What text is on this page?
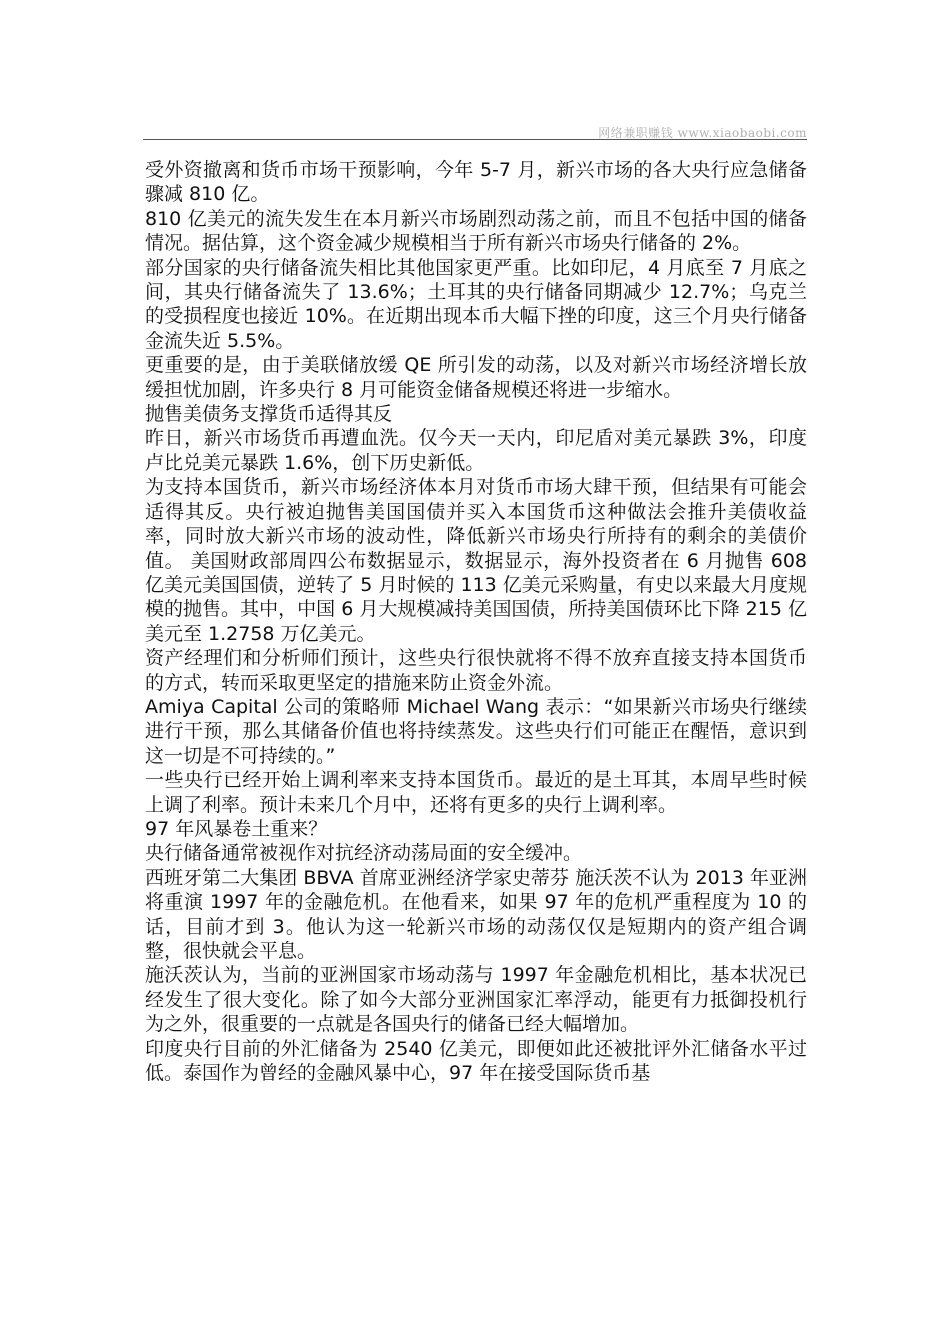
网络兼职赚钱 www.xiaobaobi.com

受外资撤离和货币市场干预影响，今年 5-7 月，新兴市场的各大央行应急储备骤减 810 亿。

810 亿美元的流失发生在本月新兴市场剧烈动荡之前，而且不包括中国的储备情况。据估算，这个资金减少规模相当于所有新兴市场央行储备的 2%。

部分国家的央行储备流失相比其他国家更严重。比如印尼，4 月底至 7 月底之间，其央行储备流失了 13.6%；土耳其的央行储备同期减少 12.7%；乌克兰的受损程度也接近 10%。在近期出现本币大幅下挫的印度，这三个月央行储备金流失近 5.5%。

更重要的是，由于美联储放缓 QE 所引发的动荡，以及对新兴市场经济增长放缓担忧加剧，许多央行 8 月可能资金储备规模还将进一步缩水。

抛售美债务支撑货币适得其反

昨日，新兴市场货币再遭血洗。仅今天一天内，印尼盾对美元暴跌 3%，印度卢比兑美元暴跌 1.6%，创下历史新低。

为支持本国货币，新兴市场经济体本月对货币市场大肆干预，但结果有可能会适得其反。央行被迫抛售美国国债并买入本国货币这种做法会推升美债收益率，同时放大新兴市场的波动性，降低新兴市场央行所持有的剩余的美债价值。 美国财政部周四公布数据显示，数据显示，海外投资者在 6 月抛售 608 亿美元美国国债，逆转了 5 月时候的 113 亿美元采购量，有史以来最大月度规模的抛售。其中，中国 6 月大规模减持美国国债，所持美国债环比下降 215 亿美元至 1.2758 万亿美元。

资产经理们和分析师们预计，这些央行很快就将不得不放弃直接支持本国货币的方式，转而采取更坚定的措施来防止资金外流。

Amiya Capital 公司的策略师 Michael Wang 表示：“如果新兴市场央行继续进行干预，那么其储备价值也将持续蒸发。这些央行们可能正在醒悟，意识到这一切是不可持续的。”

一些央行已经开始上调利率来支持本国货币。最近的是土耳其，本周早些时候上调了利率。预计未来几个月中，还将有更多的央行上调利率。

97 年风暴卷土重来？

央行储备通常被视作对抗经济动荡局面的安全缓冲。

西班牙第二大集团 BBVA 首席亚洲经济学家史蒂芬 施沃茨不认为 2013 年亚洲将重演 1997 年的金融危机。在他看来，如果 97 年的危机严重程度为 10 的话，目前才到 3。他认为这一轮新兴市场的动荡仅仅是短期内的资产组合调整，很快就会平息。

施沃茨认为，当前的亚洲国家市场动荡与 1997 年金融危机相比，基本状况已经发生了很大变化。除了如今大部分亚洲国家汇率浮动，能更有力抵御投机行为之外，很重要的一点就是各国央行的储备已经大幅增加。

印度央行目前的外汇储备为 2540 亿美元，即便如此还被批评外汇储备水平过低。泰国作为曾经的金融风暴中心，97 年在接受国际货币基
